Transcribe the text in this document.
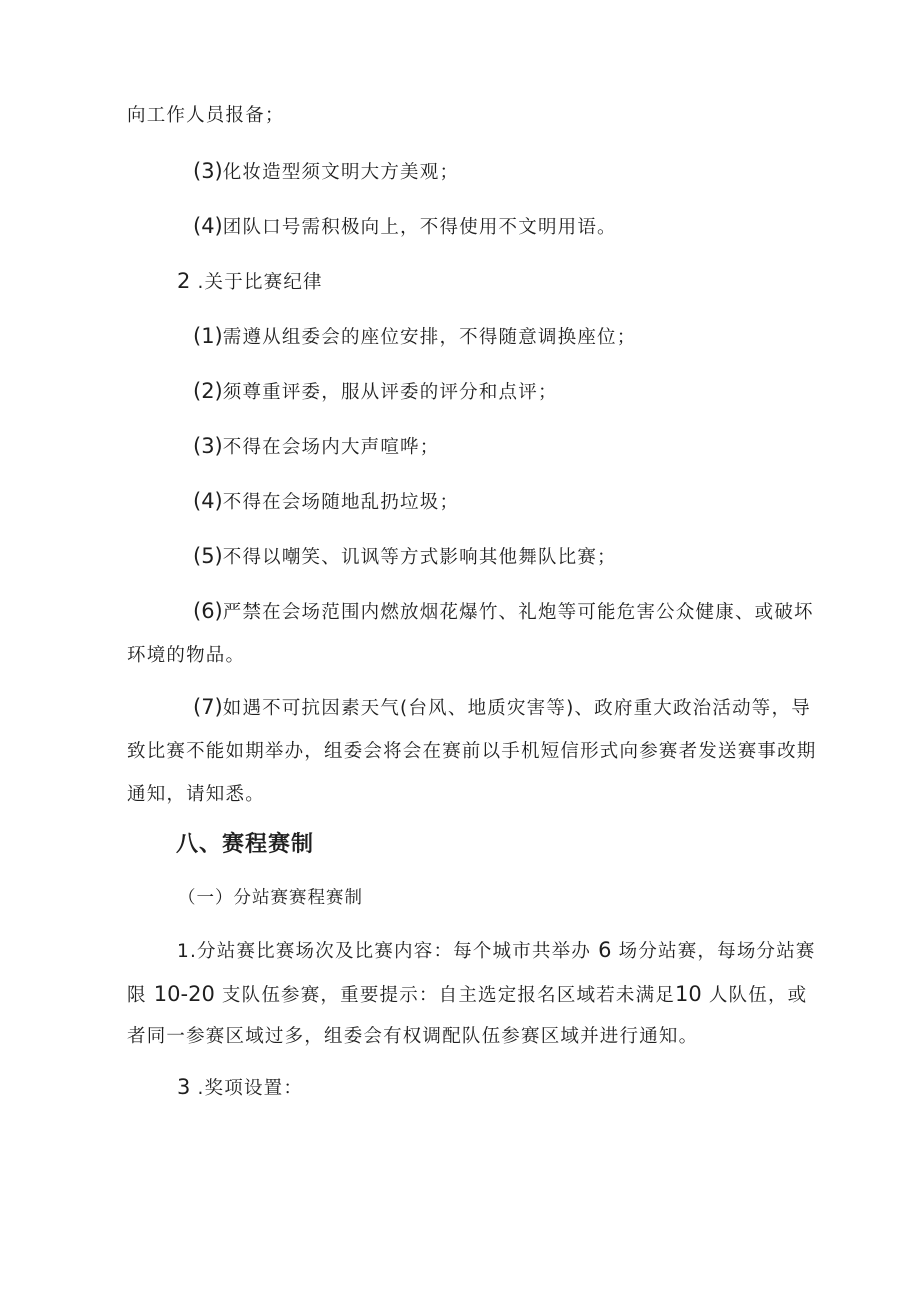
向工作人员报备；
(3)化妆造型须文明大方美观；
(4)团队口号需积极向上，不得使用不文明用语。
2 .关于比赛纪律
(1)需遵从组委会的座位安排，不得随意调换座位；
(2)须尊重评委，服从评委的评分和点评；
(3)不得在会场内大声喧哗；
(4)不得在会场随地乱扔垃圾；
(5)不得以嘲笑、讥讽等方式影响其他舞队比赛；
(6)严禁在会场范围内燃放烟花爆竹、礼炮等可能危害公众健康、或破坏
环境的物品。
(7)如遇不可抗因素天气(台风、地质灾害等)、政府重大政治活动等，导
致比赛不能如期举办，组委会将会在赛前以手机短信形式向参赛者发送赛事改期
通知，请知悉。
八、赛程赛制
（一）分站赛赛程赛制
1.分站赛比赛场次及比赛内容：每个城市共举办 6 场分站赛，每场分站赛
限 10-20 支队伍参赛，重要提示：自主选定报名区域若未满足10 人队伍，或
者同一参赛区域过多，组委会有权调配队伍参赛区域并进行通知。
3 .奖项设置：
